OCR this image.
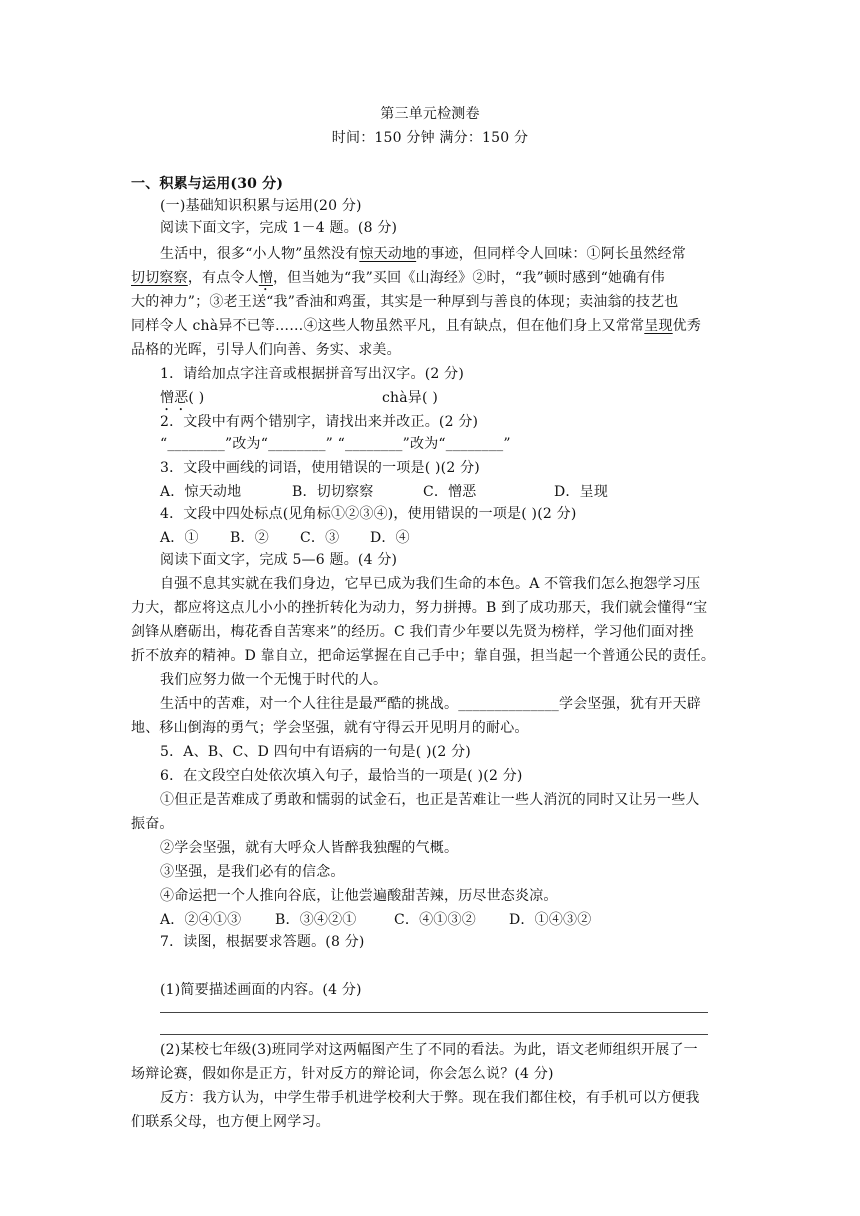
第三单元检测卷
时间：150 分钟 满分：150 分
一、积累与运用(30 分)
(一)基础知识积累与运用(20 分)
阅读下面文字，完成 1－4 题。(8 分)
生活中，很多“小人物”虽然没有惊天动地的事迹，但同样令人回味：①阿长虽然经常
切切察察，有点令人憎，但当她为“我”买回《山海经》②时，“我”顿时感到“她确有伟
大的神力”；③老王送“我”香油和鸡蛋，其实是一种厚到与善良的体现；卖油翁的技艺也
同样令人 chà异不已等……④这些人物虽然平凡，且有缺点，但在他们身上又常常呈现优秀
品格的光晖，引导人们向善、务实、求美。
1．请给加点字注音或根据拼音写出汉字。(2 分)
憎恶( )	chà异( )
2．文段中有两个错别字，请找出来并改正。(2 分)
“________”改为“________” “________”改为“________”
3．文段中画线的词语，使用错误的一项是( )(2 分)
A．惊天动地	B．切切察察	C．憎恶	D．呈现
4．文段中四处标点(见角标①②③④)，使用错误的一项是( )(2 分)
A．①	B．②	C．③	D．④
阅读下面文字，完成 5—6 题。(4 分)
自强不息其实就在我们身边，它早已成为我们生命的本色。A 不管我们怎么抱怨学习压
力大，都应将这点儿小小的挫折转化为动力，努力拼搏。B 到了成功那天，我们就会懂得“宝
剑锋从磨砺出，梅花香自苦寒来”的经历。C 我们青少年要以先贤为榜样，学习他们面对挫
折不放弃的精神。D 靠自立，把命运掌握在自己手中；靠自强，担当起一个普通公民的责任。
我们应努力做一个无愧于时代的人。
生活中的苦难，对一个人往往是最严酷的挑战。______________学会坚强，犹有开天辟
地、移山倒海的勇气；学会坚强，就有守得云开见明月的耐心。
5．A、B、C、D 四句中有语病的一句是( )(2 分)
6．在文段空白处依次填入句子，最恰当的一项是( )(2 分)
①但正是苦难成了勇敢和懦弱的试金石，也正是苦难让一些人消沉的同时又让另一些人
振奋。
②学会坚强，就有大呼众人皆醉我独醒的气概。
③坚强，是我们必有的信念。
④命运把一个人推向谷底，让他尝遍酸甜苦辣，历尽世态炎凉。
A．②④①③	B．③④②①	C．④①③②	D．①④③②
7．读图，根据要求答题。(8 分)
(1)简要描述画面的内容。(4 分)
(2)某校七年级(3)班同学对这两幅图产生了不同的看法。为此，语文老师组织开展了一
场辩论赛，假如你是正方，针对反方的辩论词，你会怎么说？(4 分)
反方：我方认为，中学生带手机进学校利大于弊。现在我们都住校，有手机可以方便我
们联系父母，也方便上网学习。
